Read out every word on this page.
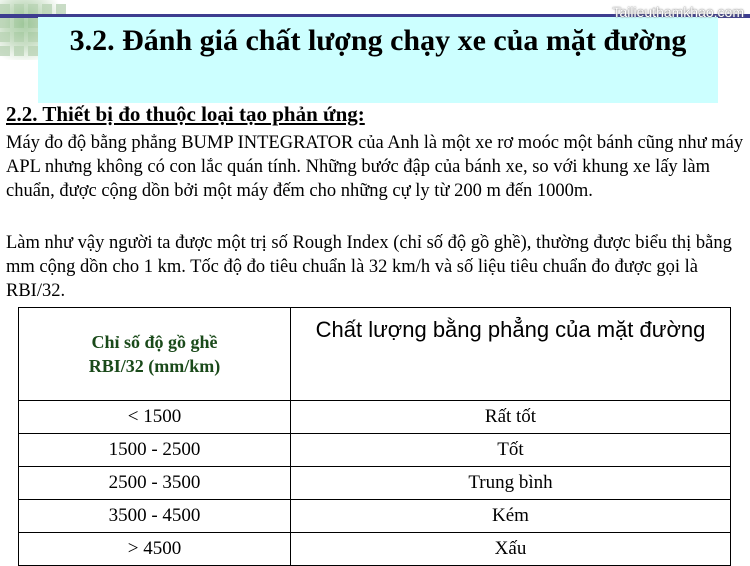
3.2. Đánh giá chất lượng chạy xe của mặt đường
Tailieuthamkhao.com
2.2. Thiết bị đo thuộc loại tạo phản ứng:
Máy đo độ bằng phẳng BUMP INTEGRATOR của Anh là một xe rơ moóc một bánh cũng như máy APL nhưng không có con lắc quán tính. Những bước đập của bánh xe, so với khung xe lấy làm chuẩn, được cộng dồn bởi một máy đếm cho những cự ly từ 200 m đến 1000m.
Làm như vậy người ta được một trị số Rough Index (chỉ số độ gồ ghề), thường được biểu thị bằng mm cộng dồn cho 1 km. Tốc độ đo tiêu chuẩn là 32 km/h và số liệu tiêu chuẩn đo được gọi là RBI/32.
Chỉ số độ gồ ghề
RBI/32 (mm/km)	Chất lượng bằng phẳng của mặt đường
< 1500	Rất tốt
1500 - 2500	Tốt
2500 - 3500	Trung bình
3500 - 4500	Kém
> 4500	Xấu
